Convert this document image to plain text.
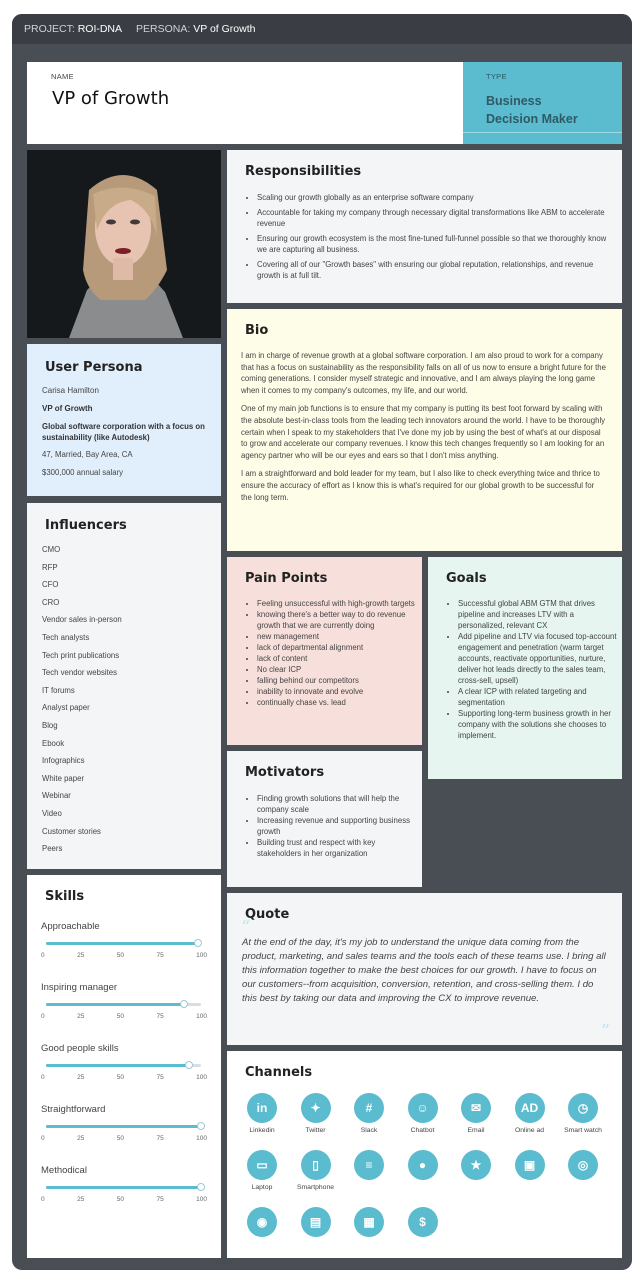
PROJECT:
ROI-DNA PERSONA:
VP of Growth
NAME
VP of Growth
TYPE
Business
Decision Maker
User Persona
Carisa Hamilton
VP of Growth
Global software corporation with a focus on sustainability (like Autodesk)
47, Married, Bay Area, CA
$300,000 annual salary
Influencers
CMO
RFP
CFO
CRO
Vendor sales in-person
Tech analysts
Tech print publications
Tech vendor websites
IT forums
Analyst paper
Blog
Ebook
Infographics
White paper
Webinar
Video
Customer stories
Peers
Skills
Approachable
0	25	50	75	100
Inspiring manager
0	25	50	75	100
Good people skills
0	25	50	75	100
Straightforward
0	25	50	75	100
Methodical
0	25	50	75	100
Responsibilities
• Scaling our growth globally as an enterprise software company
• Accountable for taking my company through necessary digital transformations like ABM to accelerate revenue
• Ensuring our growth ecosystem is the most fine-tuned full-funnel possible so that we thoroughly know we are capturing all business.
• Covering all of our "Growth bases" with ensuring our global reputation, relationships, and revenue growth is at full tilt.
Bio

I am in charge of revenue growth at a global software corporation. I am also proud to work for a company that has a focus on sustainability as the responsibility falls on all of us now to ensure a bright future for the coming generations. I consider myself strategic and innovative, and I am always playing the long game when it comes to my company's outcomes, my life, and our world.

One of my main job functions is to ensure that my company is putting its best foot forward by scaling with the absolute best-in-class tools from the leading tech innovators around the world. I have to be thoroughly certain when I speak to my stakeholders that I've done my job by using the best of what's at our disposal to grow and accelerate our company revenues. I know this tech changes frequently so I am looking for an agency partner who will be our eyes and ears so that I don't miss anything.

I am a straightforward and bold leader for my team, but I also like to check everything twice and thrice to ensure the accuracy of effort as I know this is what's required for our global growth to be successful for the long term.

Pain Points
• Feeling unsuccessful with high-growth targets
• knowing there's a better way to do revenue growth that we are currently doing
• new management
• lack of departmental alignment
• lack of content
• No clear ICP
• falling behind our competitors
• inability to innovate and evolve
• continually chase vs. lead
Goals
• Successful global ABM GTM that drives pipeline and increases LTV with a personalized, relevant CX
• Add pipeline and LTV via focused top-account engagement and penetration (warm target accounts, reactivate opportunities, nurture, deliver hot leads directly to the sales team, cross-sell, upsell)
• A clear ICP with related targeting and segmentation
• Supporting long-term business growth in her company with the solutions she chooses to implement.
Motivators
• Finding growth solutions that will help the company scale
• Increasing revenue and supporting business growth
• Building trust and respect with key stakeholders in her organization
Quote
“
At the end of the day, it's my job to understand the unique data coming from the product, marketing, and sales teams and the tools each of these teams use. I bring all this information together to make the best choices for our growth. I have to focus on our customers--from acquisition, conversion, retention, and cross-selling them. I do this best by taking our data and improving the CX to improve revenue.
”
Channels
in
Linkedin
✦
Twitter
#
Slack
☺
Chatbot
✉
Email
AD
Online ad
◷
Smart watch
▭
Laptop
▯
Smartphone
≡	●	★	▣	◎
◉	▤	▦	$
